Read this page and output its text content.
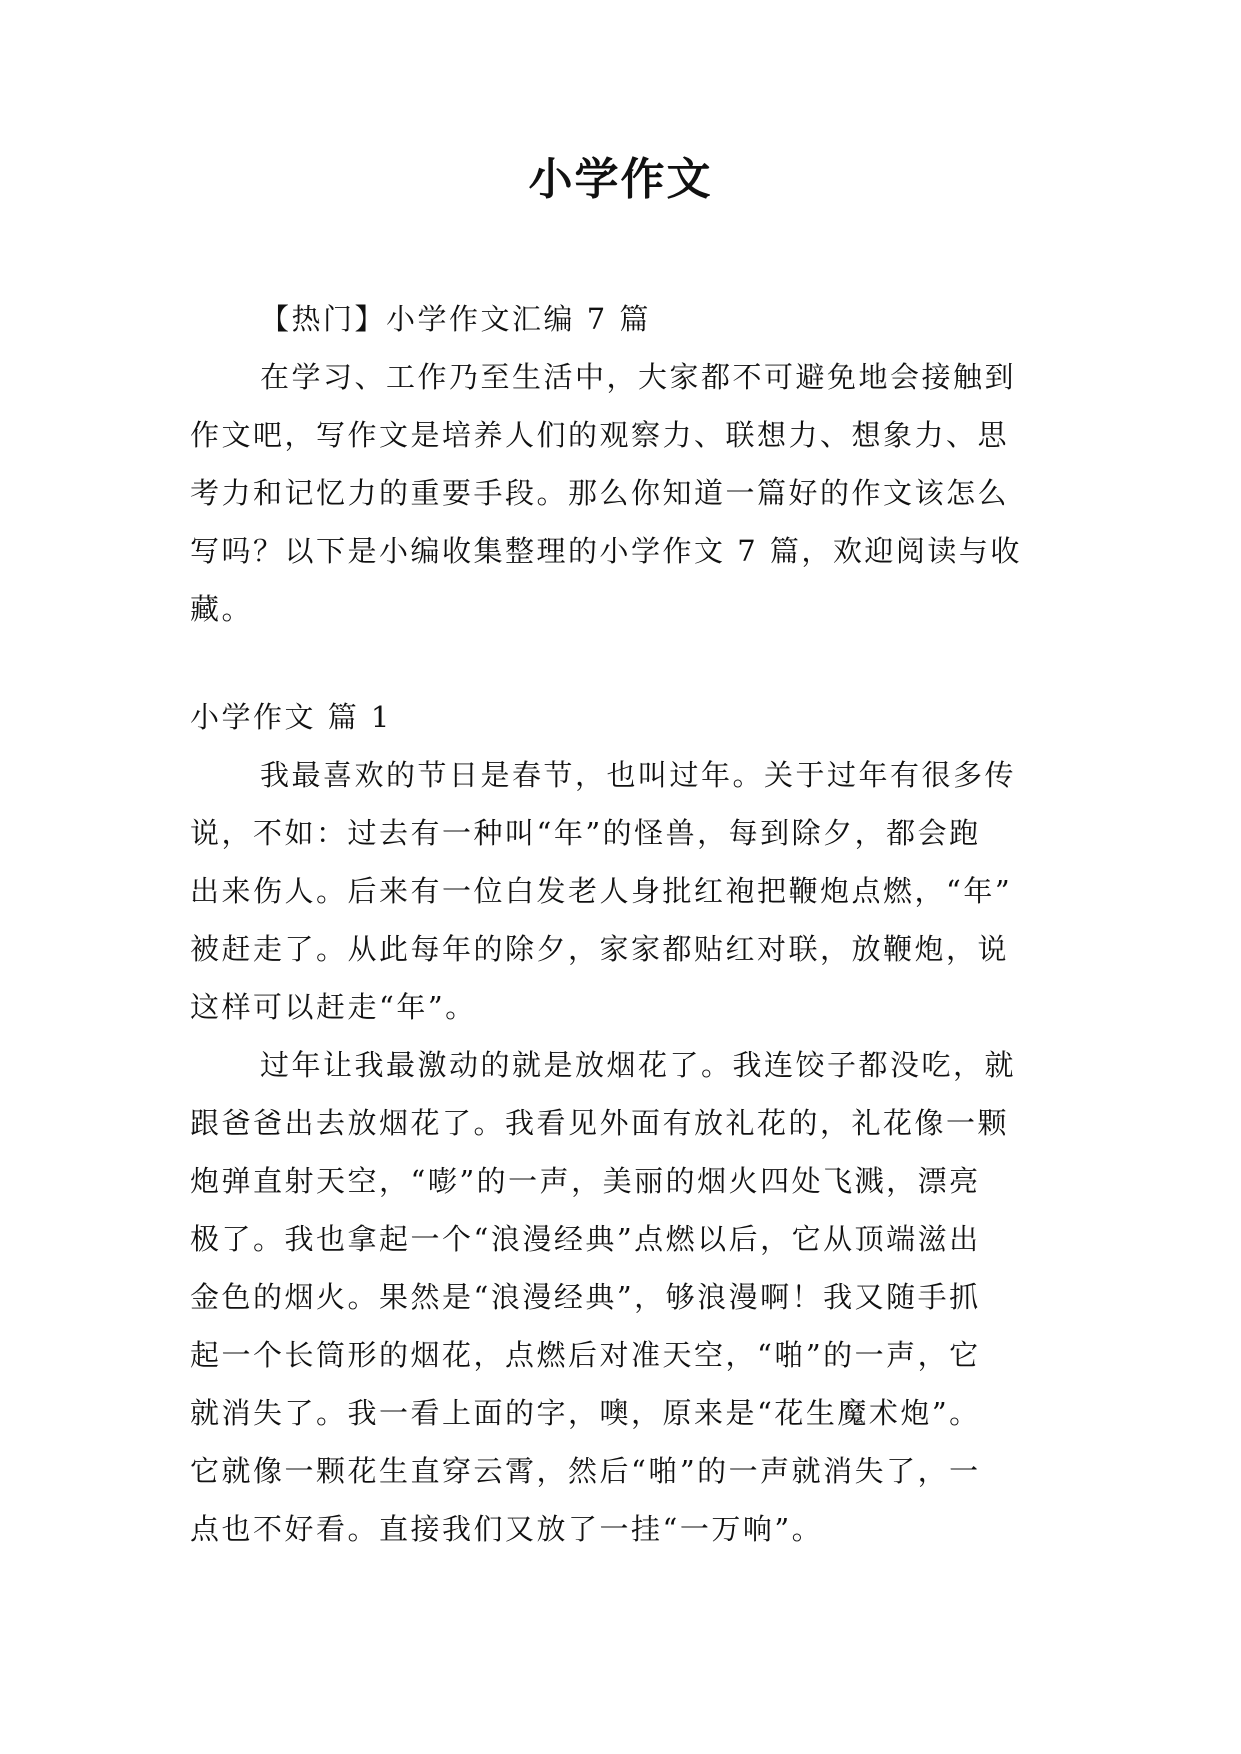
小学作文
【热门】小学作文汇编 7 篇
在学习、工作乃至生活中，大家都不可避免地会接触到
作文吧，写作文是培养人们的观察力、联想力、想象力、思
考力和记忆力的重要手段。那么你知道一篇好的作文该怎么
写吗？以下是小编收集整理的小学作文 7 篇，欢迎阅读与收
藏。
小学作文 篇 1
我最喜欢的节日是春节，也叫过年。关于过年有很多传
说，不如：过去有一种叫“年”的怪兽，每到除夕，都会跑
出来伤人。后来有一位白发老人身批红袍把鞭炮点燃，“年”
被赶走了。从此每年的除夕，家家都贴红对联，放鞭炮，说
这样可以赶走“年”。
过年让我最激动的就是放烟花了。我连饺子都没吃，就
跟爸爸出去放烟花了。我看见外面有放礼花的，礼花像一颗
炮弹直射天空，“嘭”的一声，美丽的烟火四处飞溅，漂亮
极了。我也拿起一个“浪漫经典”点燃以后，它从顶端滋出
金色的烟火。果然是“浪漫经典”，够浪漫啊！我又随手抓
起一个长筒形的烟花，点燃后对准天空，“啪”的一声，它
就消失了。我一看上面的字，噢，原来是“花生魔术炮”。
它就像一颗花生直穿云霄，然后“啪”的一声就消失了，一
点也不好看。直接我们又放了一挂“一万响”。
